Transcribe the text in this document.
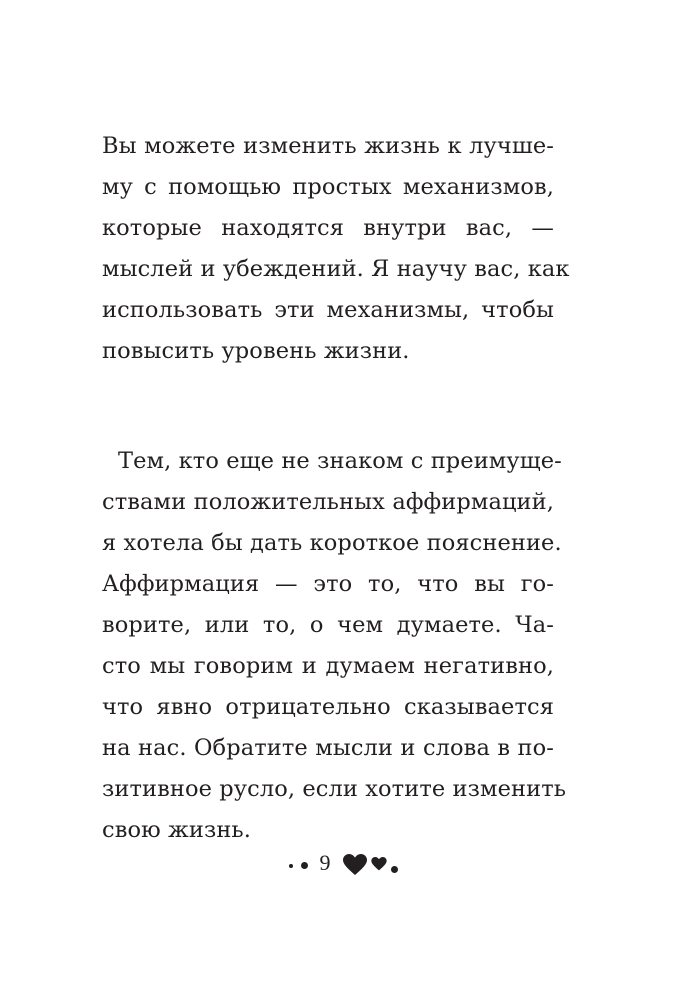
Вы можете изменить жизнь к лучше-
му с помощью простых механизмов,
которые находятся внутри вас, —
мыслей и убеждений. Я научу вас, как
использовать эти механизмы, чтобы
повысить уровень жизни.
Тем, кто еще не знаком с преимуще-
ствами положительных аффирмаций,
я хотела бы дать короткое пояснение.
Аффирмация — это то, что вы го-
ворите, или то, о чем думаете. Ча-
сто мы говорим и думаем негативно,
что явно отрицательно сказывается
на нас. Обратите мысли и слова в по-
зитивное русло, если хотите изменить
свою жизнь.
9
